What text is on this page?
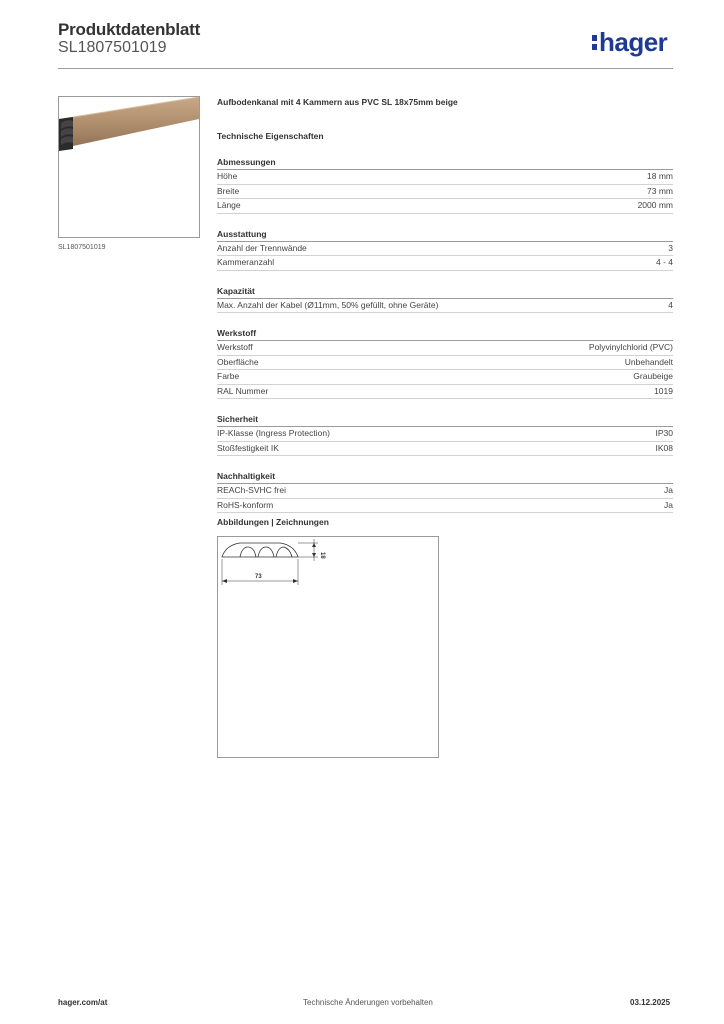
Produktdatenblatt
SL1807501019	hager
SL1807501019
Aufbodenkanal mit 4 Kammern aus PVC SL 18x75mm beige
Technische Eigenschaften
Abmessungen
Höhe	18 mm
Breite	73 mm
Länge	2000 mm
Ausstattung
Anzahl der Trennwände	3
Kammeranzahl	4 - 4
Kapazität
Max. Anzahl der Kabel (Ø11mm, 50% gefüllt, ohne Geräte)	4
Werkstoff
Werkstoff	Polyvinylchlorid (PVC)
Oberfläche	Unbehandelt
Farbe	Graubeige
RAL Nummer	1019
Sicherheit
IP-Klasse (Ingress Protection)	IP30
Stoßfestigkeit IK	IK08
Nachhaltigkeit
REACh-SVHC frei	Ja
RoHS-konform	Ja
Abbildungen | Zeichnungen
73
18
hager.com/at	Technische Änderungen vorbehalten	03.12.2025
